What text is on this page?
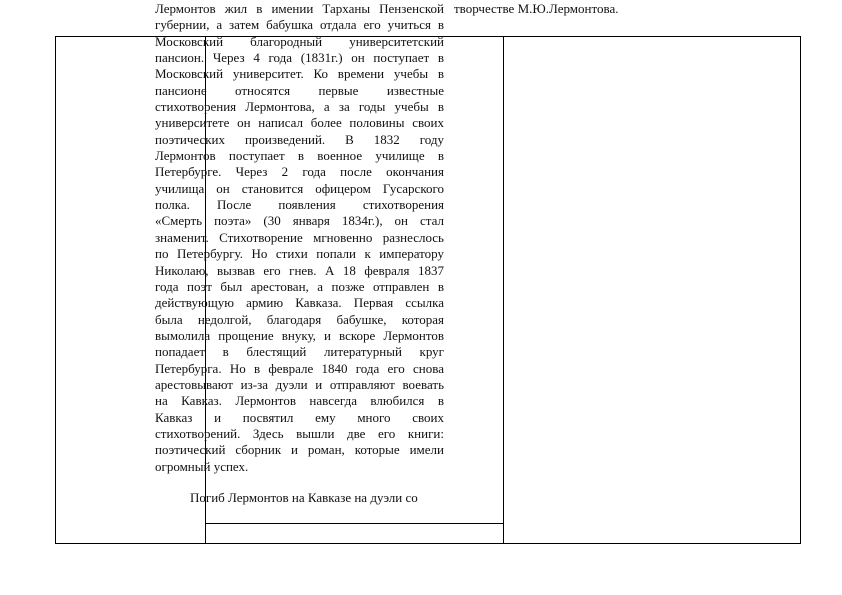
Лермонтов жил в имении Тарханы Пензенской
губернии, а затем бабушка отдала его учиться в
Московский благородный университетский
пансион. Через 4 года (1831г.) он поступает в
Московский университет. Ко времени учебы в
пансионе относятся первые известные
стихотворения Лермонтова, а за годы учебы в
университете он написал более половины своих
поэтических произведений. В 1832 году
Лермонтов поступает в военное училище в
Петербурге. Через 2 года после окончания
училища он становится офицером Гусарского
полка. После появления стихотворения
«Смерть поэта» (30 января 1834г.), он стал
знаменит. Стихотворение мгновенно разнеслось
по Петербургу. Но стихи попали к императору
Николаю, вызвав его гнев. А 18 февраля 1837
года поэт был арестован, а позже отправлен в
действующую армию Кавказа. Первая ссылка
была недолгой, благодаря бабушке, которая
вымолила прощение внуку, и вскоре Лермонтов
попадает в блестящий литературный круг
Петербурга. Но в феврале 1840 года его снова
арестовывают из-за дуэли и отправляют воевать
на Кавказ. Лермонтов навсегда влюбился в
Кавказ и посвятил ему много своих
стихотворений. Здесь вышли две его книги:
поэтический сборник и роман, которые имели
огромный успех.
Погиб Лермонтов на Кавказе на дуэли со
творчестве М.Ю.Лермонтова.
